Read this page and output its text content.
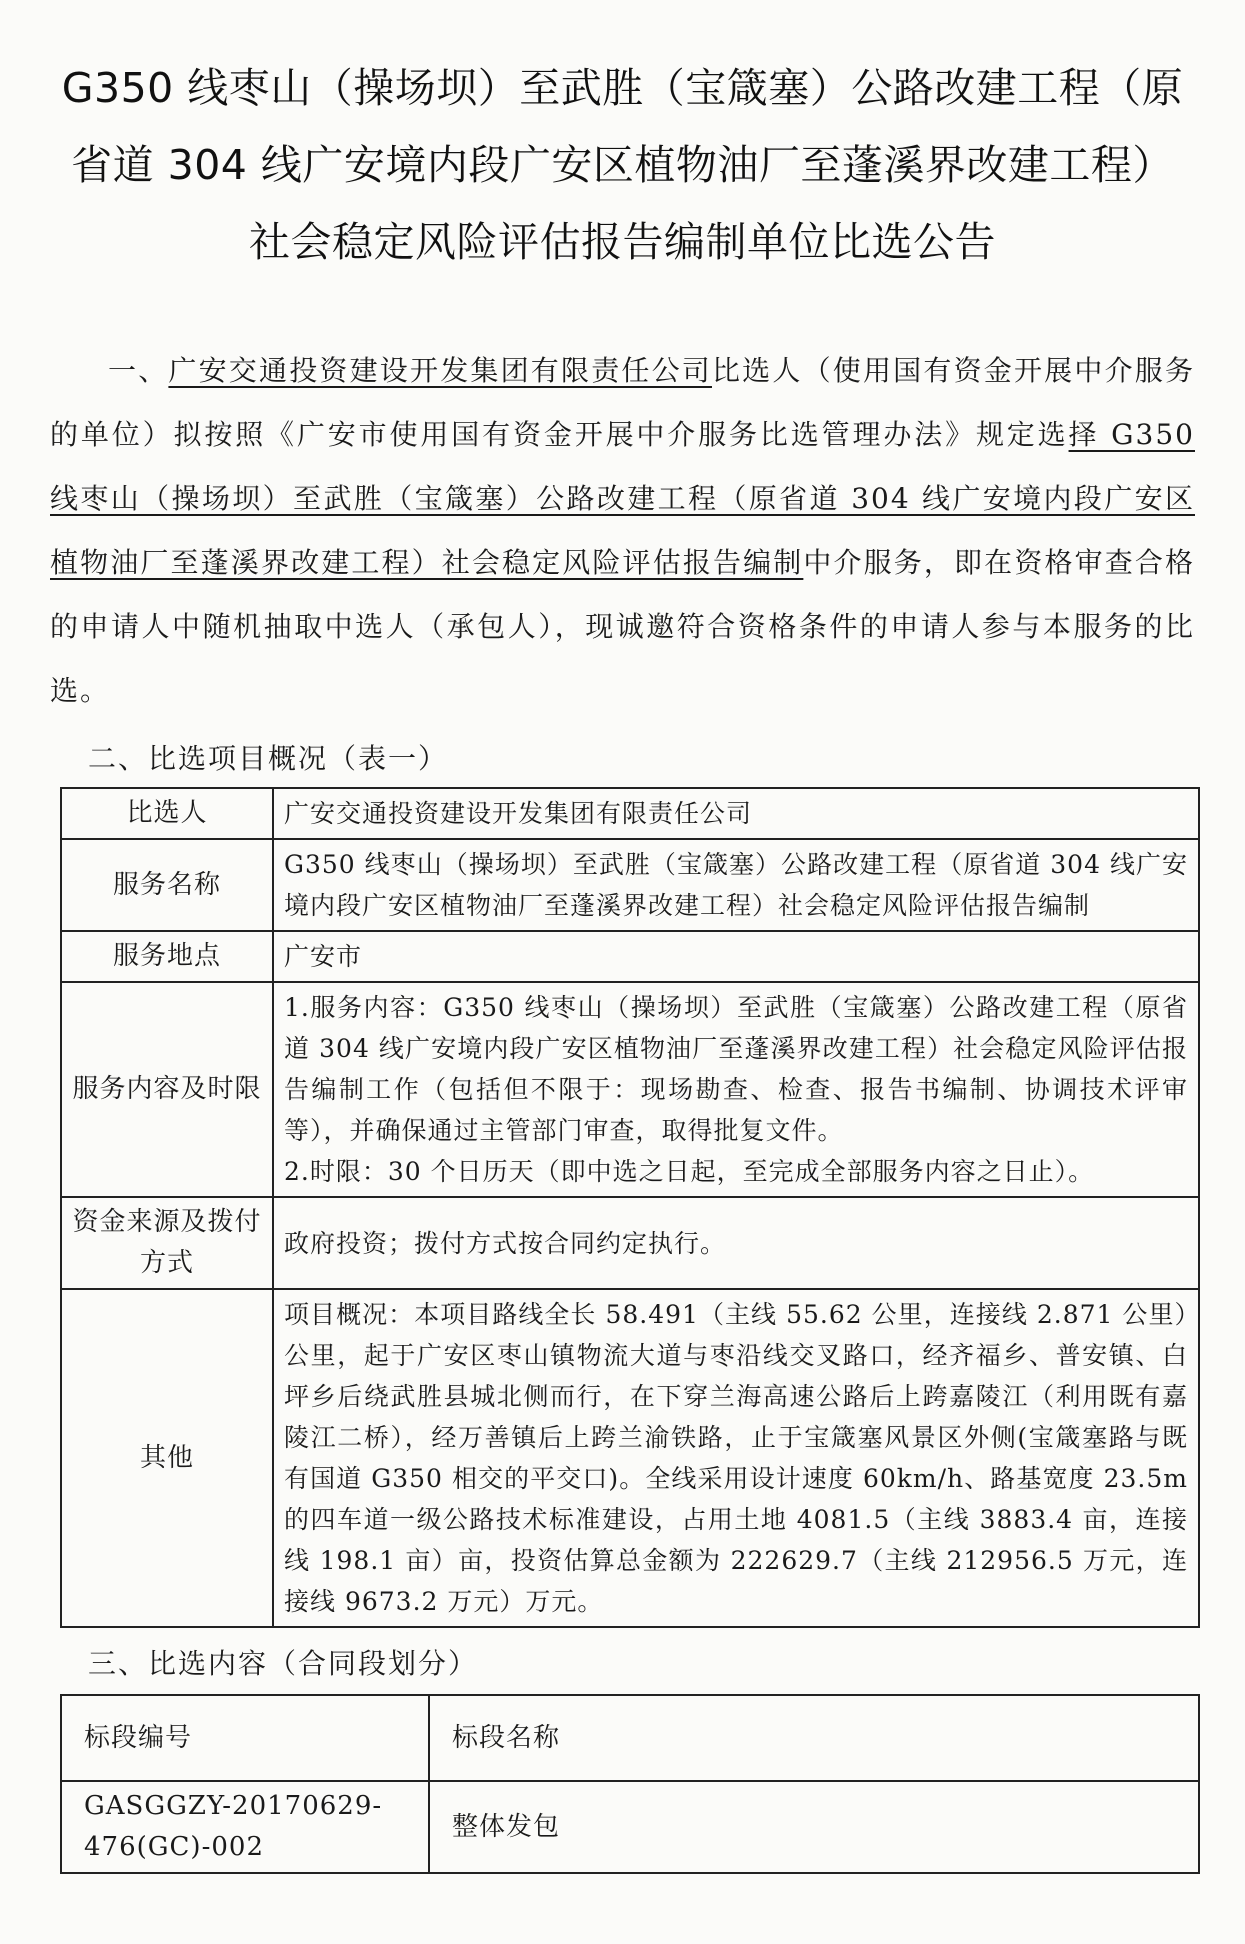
G350 线枣山（操场坝）至武胜（宝箴塞）公路改建工程（原
省道 304 线广安境内段广安区植物油厂至蓬溪界改建工程）
社会稳定风险评估报告编制单位比选公告

一、广安交通投资建设开发集团有限责任公司比选人（使用国有资金开展中介服务的单位）拟按照《广安市使用国有资金开展中介服务比选管理办法》规定选择 G350 线枣山（操场坝）至武胜（宝箴塞）公路改建工程（原省道 304 线广安境内段广安区植物油厂至蓬溪界改建工程）社会稳定风险评估报告编制中介服务，即在资格审查合格的申请人中随机抽取中选人（承包人），现诚邀符合资格条件的申请人参与本服务的比选。

二、比选项目概况（表一）
比选人	广安交通投资建设开发集团有限责任公司
服务名称	G350 线枣山（操场坝）至武胜（宝箴塞）公路改建工程（原省道 304 线广安境内段广安区植物油厂至蓬溪界改建工程）社会稳定风险评估报告编制
服务地点	广安市
服务内容及时限	1.服务内容：G350 线枣山（操场坝）至武胜（宝箴塞）公路改建工程（原省道 304 线广安境内段广安区植物油厂至蓬溪界改建工程）社会稳定风险评估报告编制工作（包括但不限于：现场勘查、检查、报告书编制、协调技术评审等），并确保通过主管部门审查，取得批复文件。
2.时限：30 个日历天（即中选之日起，至完成全部服务内容之日止）。

资金来源及拨付方式	政府投资；拨付方式按合同约定执行。
其他	项目概况：本项目路线全长 58.491（主线 55.62 公里，连接线 2.871 公里）公里，起于广安区枣山镇物流大道与枣沿线交叉路口，经齐福乡、普安镇、白坪乡后绕武胜县城北侧而行，在下穿兰海高速公路后上跨嘉陵江（利用既有嘉陵江二桥），经万善镇后上跨兰渝铁路，止于宝箴塞风景区外侧(宝箴塞路与既有国道 G350 相交的平交口)。全线采用设计速度 60km/h、路基宽度 23.5m 的四车道一级公路技术标准建设，占用土地 4081.5（主线 3883.4 亩，连接线 198.1 亩）亩，投资估算总金额为 222629.7（主线 212956.5 万元，连接线 9673.2 万元）万元。
三、比选内容（合同段划分）
标段编号	标段名称
GASGGZY-20170629-476(GC)-002	整体发包
